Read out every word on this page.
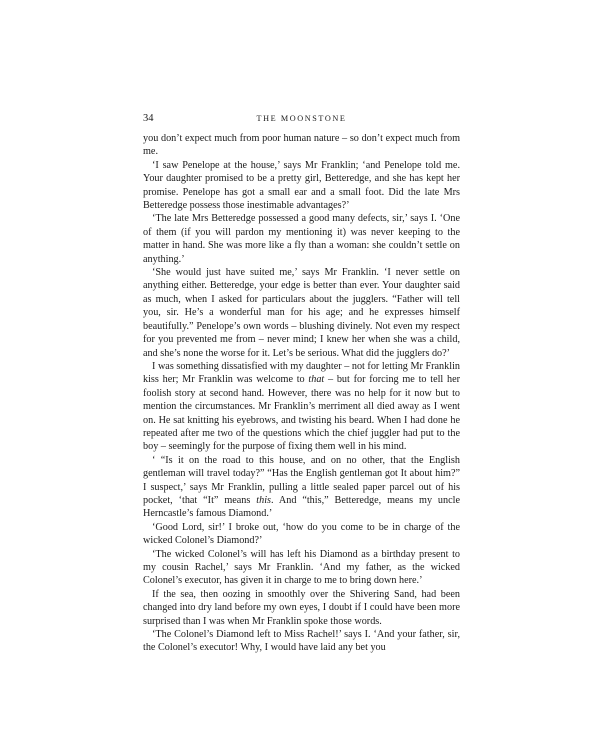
34	THE MOONSTONE

you don’t expect much from poor human nature – so don’t expect much from me.

‘I saw Penelope at the house,’ says Mr Franklin; ‘and Penelope told me. Your daughter promised to be a pretty girl, Betteredge, and she has kept her promise. Penelope has got a small ear and a small foot. Did the late Mrs Betteredge possess those inestimable advantages?’

‘The late Mrs Betteredge possessed a good many defects, sir,’ says I. ‘One of them (if you will pardon my mentioning it) was never keeping to the matter in hand. She was more like a fly than a woman: she couldn’t settle on anything.’

‘She would just have suited me,’ says Mr Franklin. ‘I never settle on anything either. Betteredge, your edge is better than ever. Your daughter said as much, when I asked for particulars about the jugglers. “Father will tell you, sir. He’s a wonderful man for his age; and he expresses himself beautifully.” Penelope’s own words – blushing divinely. Not even my respect for you prevented me from – never mind; I knew her when she was a child, and she’s none the worse for it. Let’s be serious. What did the jugglers do?’

I was something dissatisfied with my daughter – not for letting Mr Franklin kiss her; Mr Franklin was welcome to that – but for forcing me to tell her foolish story at second hand. However, there was no help for it now but to mention the circumstances. Mr Franklin’s merriment all died away as I went on. He sat knitting his eyebrows, and twisting his beard. When I had done he repeated after me two of the questions which the chief juggler had put to the boy – seemingly for the purpose of fixing them well in his mind.

‘ “Is it on the road to this house, and on no other, that the English gentleman will travel today?” “Has the English gentleman got It about him?” I suspect,’ says Mr Franklin, pulling a little sealed paper parcel out of his pocket, ‘that “It” means this. And “this,” Betteredge, means my uncle Herncastle’s famous Diamond.’

‘Good Lord, sir!’ I broke out, ‘how do you come to be in charge of the wicked Colonel’s Diamond?’

‘The wicked Colonel’s will has left his Diamond as a birthday present to my cousin Rachel,’ says Mr Franklin. ‘And my father, as the wicked Colonel’s executor, has given it in charge to me to bring down here.’

If the sea, then oozing in smoothly over the Shivering Sand, had been changed into dry land before my own eyes, I doubt if I could have been more surprised than I was when Mr Franklin spoke those words.

‘The Colonel’s Diamond left to Miss Rachel!’ says I. ‘And your father, sir, the Colonel’s executor! Why, I would have laid any bet you
